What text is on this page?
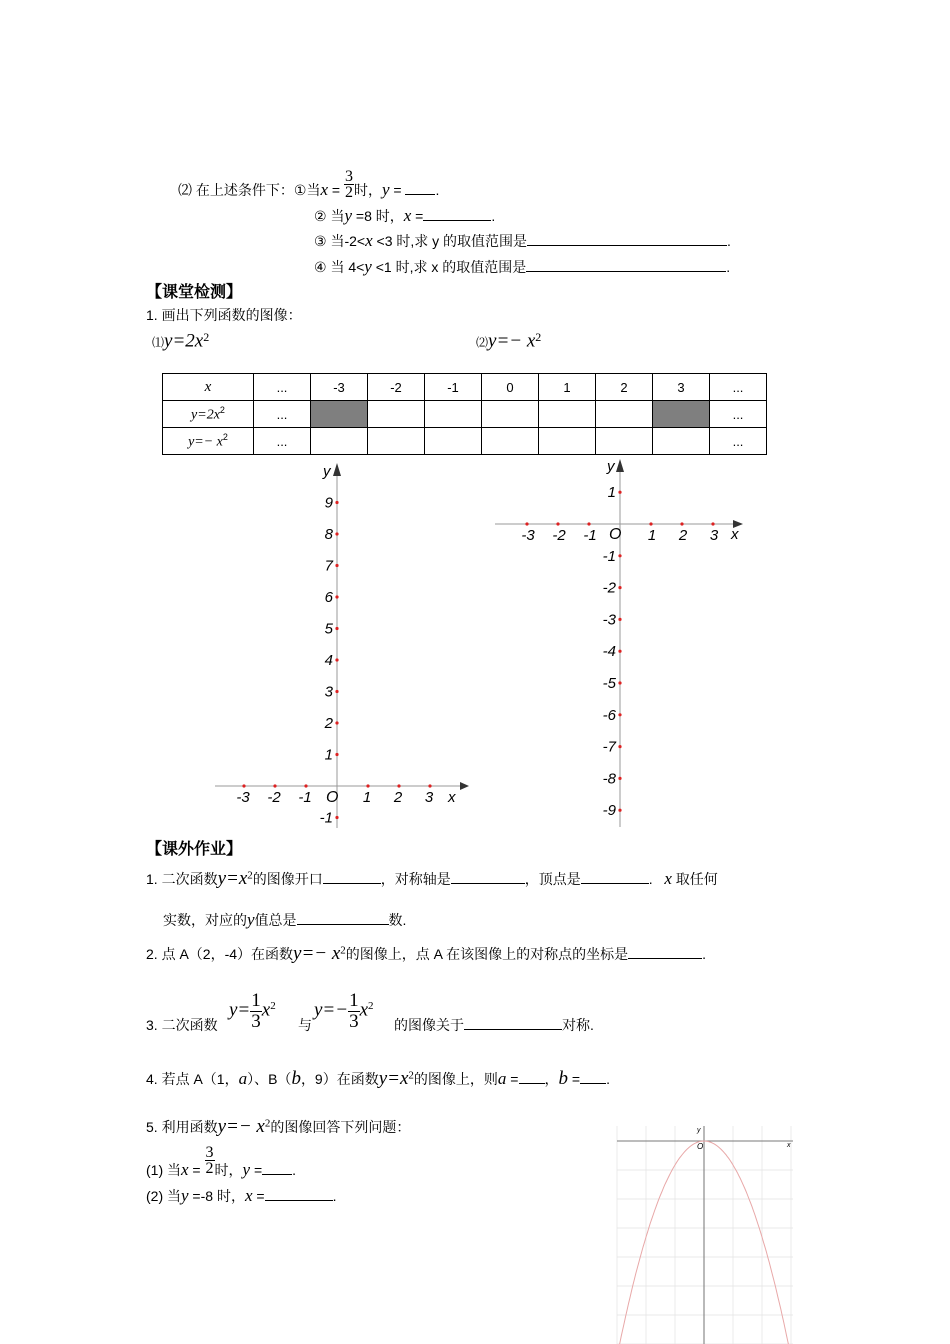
⑵ 在上述条件下：①当$x = \frac{3}{2}$ 时，y = .
② 当y =8 时，x =	.
③ 当-2<x <3 时,求 y 的取值范围是	.
④ 当 4<y <1 时,求 x 的取值范围是	.
【课堂检测】
1. 画出下列函数的图像：
$⑴y=2x^2$	⑵y=− $x^2$
x	...	-3	-2	-1	0	1	2	3	...
$y=2x^2$	...								...
$y=- x^2$	...								...
y
x
O
9
8
7
6
5
4
3
2
1
-1
-3 -2 -1	1 2 3
y
x
O
1
-1
-2
-3
-4
-5
-6
-7
-8
-9
-3 -2 -1	1 2 3
【课外作业】
1. 二次函数$y=x^2$的图像开口	，对称轴是	，顶点是	. x 取任何
实数，对应的y值总是	数.
2. 点 A（2，-4）在函数$y=- x^2$的图像上，点 A 在该图像上的对称点的坐标是	.
3. 二次函数
$y= \frac{1}{3} x^2$
与
$y=- \frac{1}{3} x^2$
的图像关于	对称.
4. 若点 A（1，a）、B（b，9）在函数$y=x^2$的图像上，则a = ，b = .
5. 利用函数$y=- x^2$的图像回答下列问题：
(1) 当$x = \frac{3}{2}$ 时，y = .
(2) 当y =-8 时，x =	.
x
y
O
